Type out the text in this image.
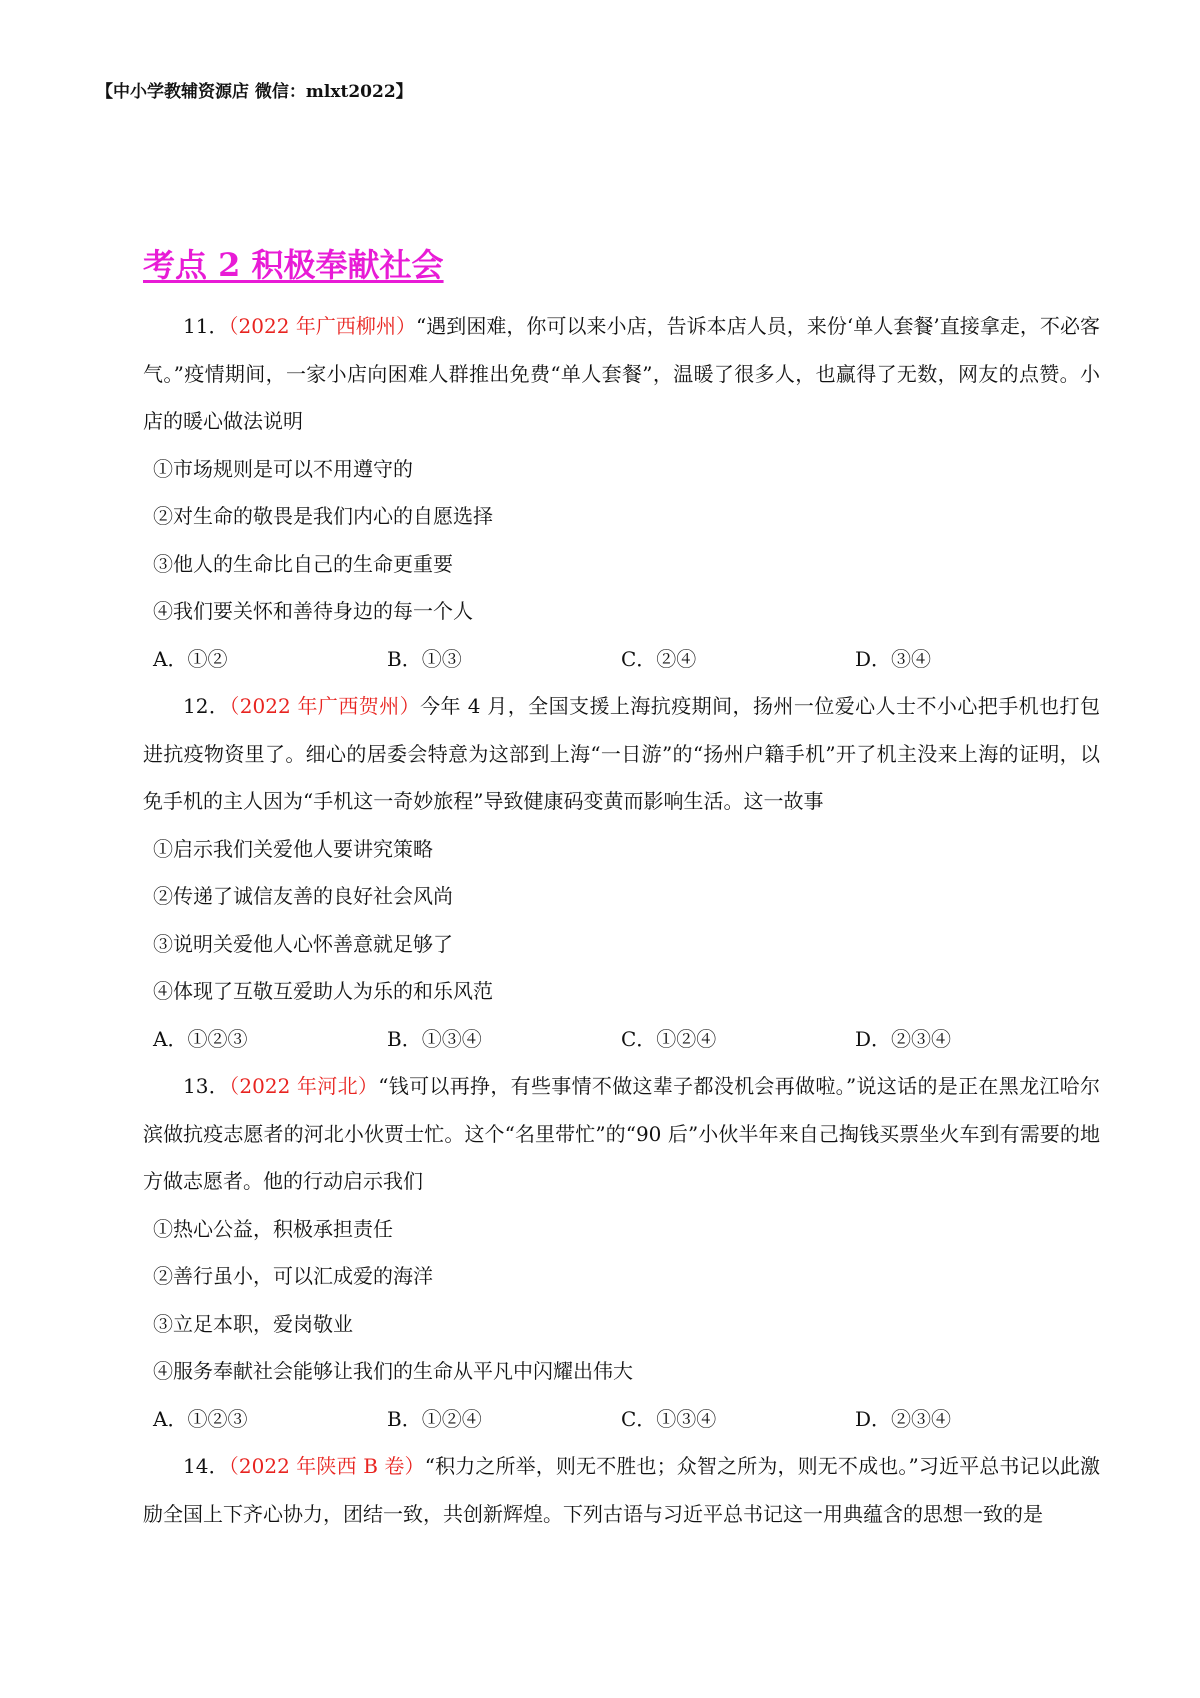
【中小学教辅资源店 微信：mlxt2022】
考点 2 积极奉献社会

11．（2022 年广西柳州）“遇到困难，你可以来小店，告诉本店人员，来份‘单人套餐’直接拿走，不必客气。”疫情期间，一家小店向困难人群推出免费“单人套餐”，温暖了很多人，也赢得了无数，网友的点赞。小店的暖心做法说明

①市场规则是可以不用遵守的

②对生命的敬畏是我们内心的自愿选择

③他人的生命比自己的生命更重要

④我们要关怀和善待身边的每一个人

A．①②	B．①③	C．②④	D．③④

12．（2022 年广西贺州）今年 4 月，全国支援上海抗疫期间，扬州一位爱心人士不小心把手机也打包进抗疫物资里了。细心的居委会特意为这部到上海“一日游”的“扬州户籍手机”开了机主没来上海的证明，以免手机的主人因为“手机这一奇妙旅程”导致健康码变黄而影响生活。这一故事

①启示我们关爱他人要讲究策略

②传递了诚信友善的良好社会风尚

③说明关爱他人心怀善意就足够了

④体现了互敬互爱助人为乐的和乐风范

A．①②③	B．①③④	C．①②④	D．②③④

13．（2022 年河北）“钱可以再挣，有些事情不做这辈子都没机会再做啦。”说这话的是正在黑龙江哈尔滨做抗疫志愿者的河北小伙贾士忙。这个“名里带忙”的“90 后”小伙半年来自己掏钱买票坐火车到有需要的地方做志愿者。他的行动启示我们

①热心公益，积极承担责任

②善行虽小，可以汇成爱的海洋

③立足本职，爱岗敬业

④服务奉献社会能够让我们的生命从平凡中闪耀出伟大

A．①②③	B．①②④	C．①③④	D．②③④

14．（2022 年陕西 B 卷）“积力之所举，则无不胜也；众智之所为，则无不成也。”习近平总书记以此激励全国上下齐心协力，团结一致，共创新辉煌。下列古语与习近平总书记这一用典蕴含的思想一致的是
